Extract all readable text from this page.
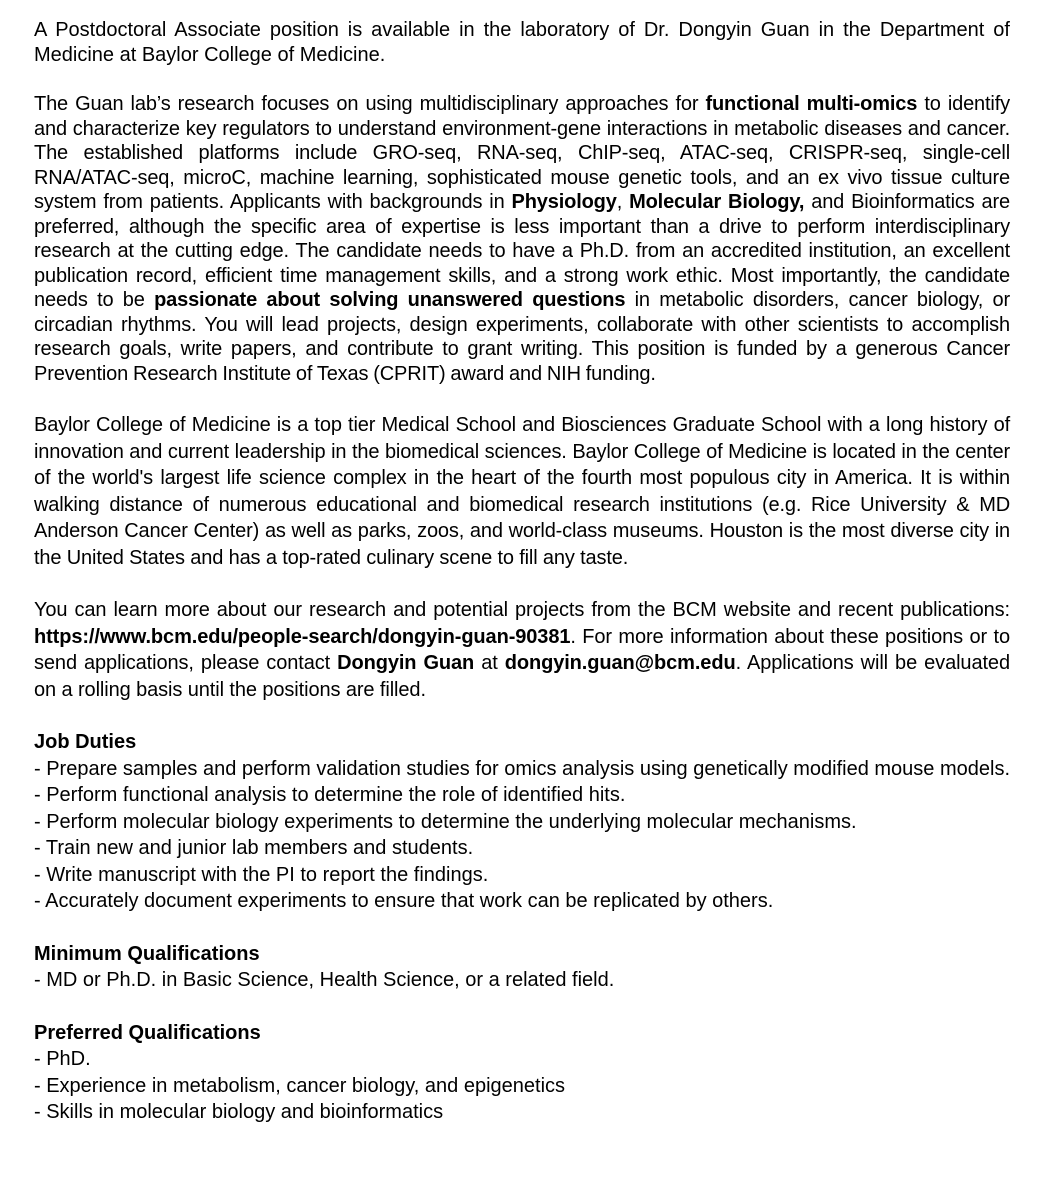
A Postdoctoral Associate position is available in the laboratory of Dr. Dongyin Guan in the Department of Medicine at Baylor College of Medicine.

The Guan lab’s research focuses on using multidisciplinary approaches for functional multi-omics to identify and characterize key regulators to understand environment-gene interactions in metabolic diseases and cancer. The established platforms include GRO-seq, RNA-seq, ChIP-seq, ATAC-seq, CRISPR-seq, single-cell RNA/ATAC-seq, microC, machine learning, sophisticated mouse genetic tools, and an ex vivo tissue culture system from patients. Applicants with backgrounds in Physiology, Molecular Biology, and Bioinformatics are preferred, although the specific area of expertise is less important than a drive to perform interdisciplinary research at the cutting edge. The candidate needs to have a Ph.D. from an accredited institution, an excellent publication record, efficient time management skills, and a strong work ethic. Most importantly, the candidate needs to be passionate about solving unanswered questions in metabolic disorders, cancer biology, or circadian rhythms. You will lead projects, design experiments, collaborate with other scientists to accomplish research goals, write papers, and contribute to grant writing. This position is funded by a generous Cancer Prevention Research Institute of Texas (CPRIT) award and NIH funding.

Baylor College of Medicine is a top tier Medical School and Biosciences Graduate School with a long history of innovation and current leadership in the biomedical sciences. Baylor College of Medicine is located in the center of the world's largest life science complex in the heart of the fourth most populous city in America. It is within walking distance of numerous educational and biomedical research institutions (e.g. Rice University & MD Anderson Cancer Center) as well as parks, zoos, and world-class museums. Houston is the most diverse city in the United States and has a top-rated culinary scene to fill any taste.

You can learn more about our research and potential projects from the BCM website and recent publications: https://www.bcm.edu/people-search/dongyin-guan-90381. For more information about these positions or to send applications, please contact Dongyin Guan at dongyin.guan@bcm.edu. Applications will be evaluated on a rolling basis until the positions are filled.

Job Duties

- Prepare samples and perform validation studies for omics analysis using genetically modified mouse models.
- Perform functional analysis to determine the role of identified hits.
- Perform molecular biology experiments to determine the underlying molecular mechanisms.
- Train new and junior lab members and students.
- Write manuscript with the PI to report the findings.
- Accurately document experiments to ensure that work can be replicated by others.

Minimum Qualifications

- MD or Ph.D. in Basic Science, Health Science, or a related field.

Preferred Qualifications

- PhD.
- Experience in metabolism, cancer biology, and epigenetics
- Skills in molecular biology and bioinformatics
